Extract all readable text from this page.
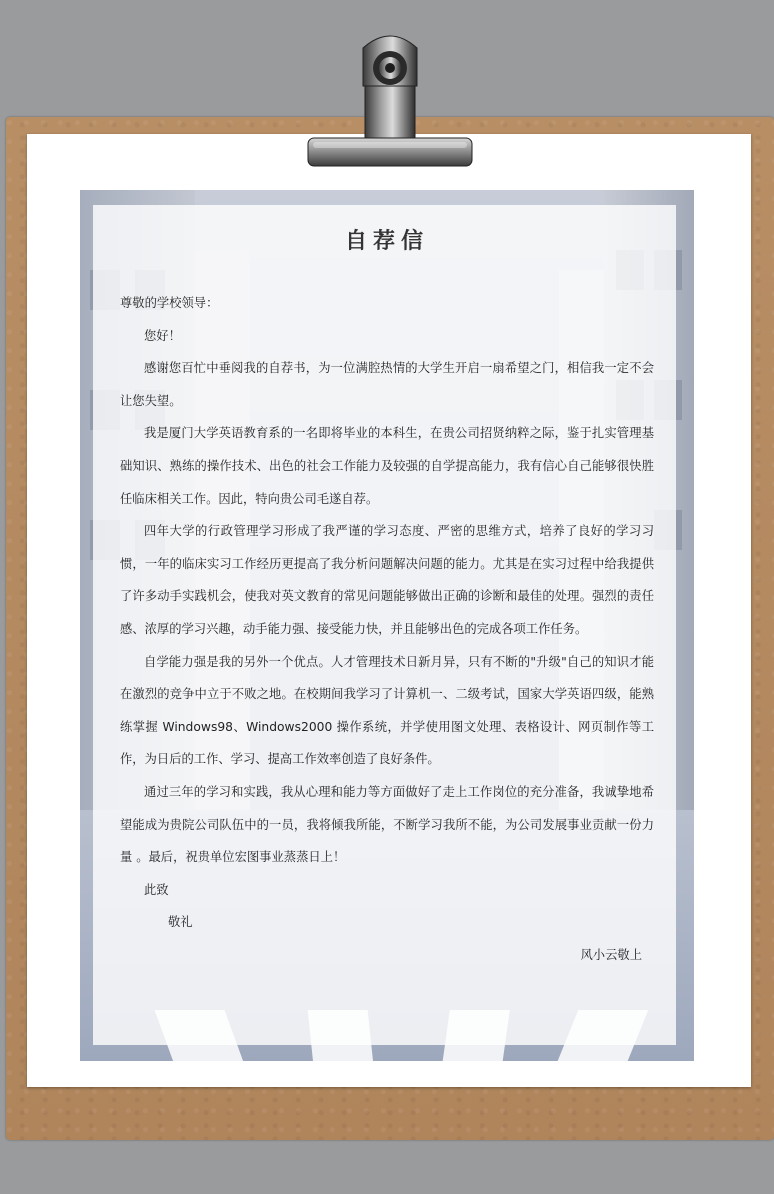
自荐信

尊敬的学校领导：

您好！

感谢您百忙中垂阅我的自荐书，为一位满腔热情的大学生开启一扇希望之门，相信我一定不会让您失望。

我是厦门大学英语教育系的一名即将毕业的本科生，在贵公司招贤纳粹之际，鉴于扎实管理基础知识、熟练的操作技术、出色的社会工作能力及较强的自学提高能力，我有信心自己能够很快胜任临床相关工作。因此，特向贵公司毛遂自荐。

四年大学的行政管理学习形成了我严谨的学习态度、严密的思维方式，培养了良好的学习习惯，一年的临床实习工作经历更提高了我分析问题解决问题的能力。尤其是在实习过程中给我提供了许多动手实践机会，使我对英文教育的常见问题能够做出正确的诊断和最佳的处理。强烈的责任感、浓厚的学习兴趣，动手能力强、接受能力快，并且能够出色的完成各项工作任务。

自学能力强是我的另外一个优点。人才管理技术日新月异，只有不断的"升级"自己的知识才能在激烈的竞争中立于不败之地。在校期间我学习了计算机一、二级考试，国家大学英语四级，能熟练掌握 Windows98、Windows2000 操作系统，并学使用图文处理、表格设计、网页制作等工作，为日后的工作、学习、提高工作效率创造了良好条件。

通过三年的学习和实践，我从心理和能力等方面做好了走上工作岗位的充分准备，我诚挚地希望能成为贵院公司队伍中的一员，我将倾我所能，不断学习我所不能，为公司发展事业贡献一份力量 。最后，祝贵单位宏图事业蒸蒸日上！

此致

敬礼

风小云敬上
